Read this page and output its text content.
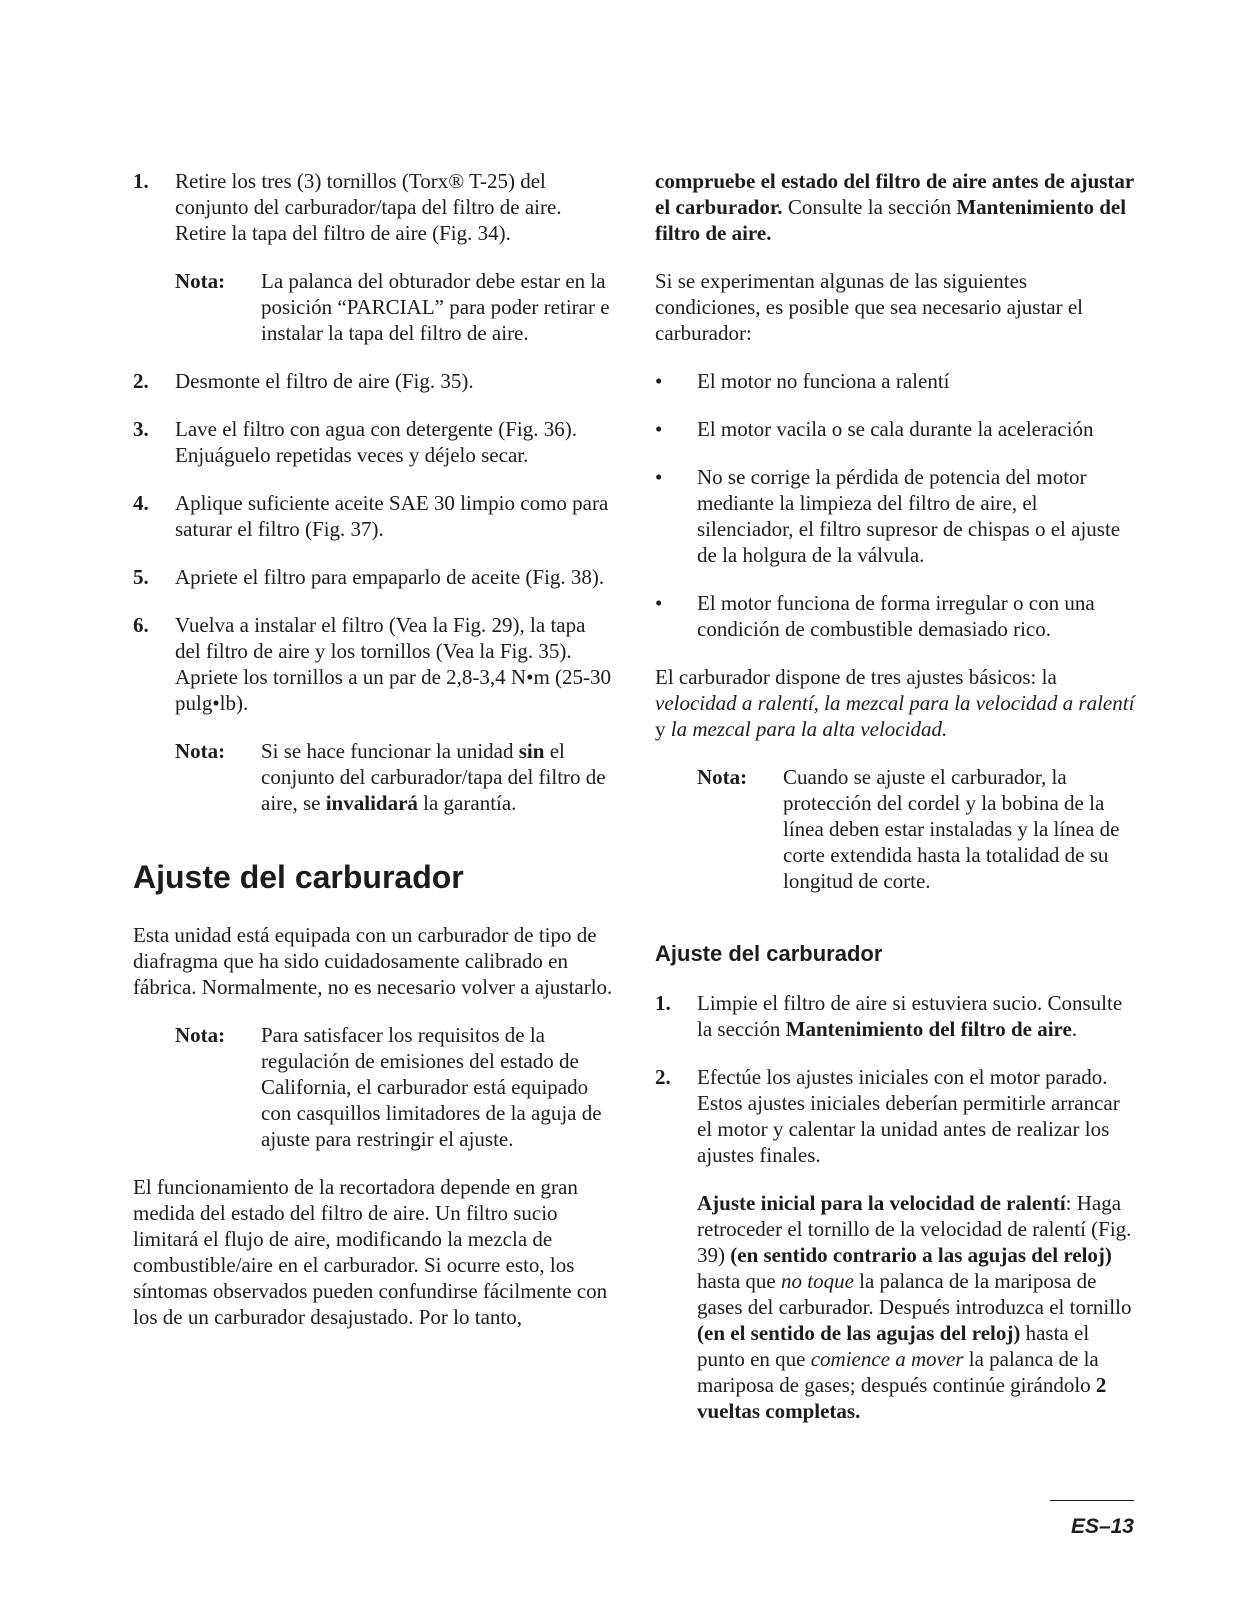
1. Retire los tres (3) tornillos (Torx® T-25) del conjunto del carburador/tapa del filtro de aire. Retire la tapa del filtro de aire (Fig. 34).
Nota:	La palanca del obturador debe estar en la posición “PARCIAL” para poder retirar e instalar la tapa del filtro de aire.
2. Desmonte el filtro de aire (Fig. 35).
3. Lave el filtro con agua con detergente (Fig. 36). Enjuáguelo repetidas veces y déjelo secar.
4. Aplique suficiente aceite SAE 30 limpio como para saturar el filtro (Fig. 37).
5. Apriete el filtro para empaparlo de aceite (Fig. 38).
6. Vuelva a instalar el filtro (Vea la Fig. 29), la tapa del filtro de aire y los tornillos (Vea la Fig. 35). Apriete los tornillos a un par de 2,8-3,4 N•m (25-30 pulg•lb).
Nota:	Si se hace funcionar la unidad sin el conjunto del carburador/tapa del filtro de aire, se invalidará la garantía.
Ajuste del carburador

Esta unidad está equipada con un carburador de tipo de diafragma que ha sido cuidadosamente calibrado en fábrica. Normalmente, no es necesario volver a ajustarlo.

Nota:	Para satisfacer los requisitos de la regulación de emisiones del estado de California, el carburador está equipado con casquillos limitadores de la aguja de ajuste para restringir el ajuste.

El funcionamiento de la recortadora depende en gran medida del estado del filtro de aire. Un filtro sucio limitará el flujo de aire, modificando la mezcla de combustible/aire en el carburador. Si ocurre esto, los síntomas observados pueden confundirse fácilmente con los de un carburador desajustado. Por lo tanto,

compruebe el estado del filtro de aire antes de ajustar el carburador. Consulte la sección Mantenimiento del filtro de aire.

Si se experimentan algunas de las siguientes condiciones, es posible que sea necesario ajustar el carburador:

•	El motor no funciona a ralentí
•	El motor vacila o se cala durante la aceleración
•	No se corrige la pérdida de potencia del motor mediante la limpieza del filtro de aire, el silenciador, el filtro supresor de chispas o el ajuste de la holgura de la válvula.
•	El motor funciona de forma irregular o con una condición de combustible demasiado rico.

El carburador dispone de tres ajustes básicos: la velocidad a ralentí, la mezcal para la velocidad a ralentí y la mezcal para la alta velocidad.

Nota:	Cuando se ajuste el carburador, la protección del cordel y la bobina de la línea deben estar instaladas y la línea de corte extendida hasta la totalidad de su longitud de corte.
Ajuste del carburador
1. Limpie el filtro de aire si estuviera sucio. Consulte la sección Mantenimiento del filtro de aire.
2. Efectúe los ajustes iniciales con el motor parado. Estos ajustes iniciales deberían permitirle arrancar el motor y calentar la unidad antes de realizar los ajustes finales.

Ajuste inicial para la velocidad de ralentí: Haga retroceder el tornillo de la velocidad de ralentí (Fig. 39) (en sentido contrario a las agujas del reloj) hasta que no toque la palanca de la mariposa de gases del carburador. Después introduzca el tornillo (en el sentido de las agujas del reloj) hasta el punto en que comience a mover la palanca de la mariposa de gases; después continúe girándolo 2 vueltas completas.

ES–13
